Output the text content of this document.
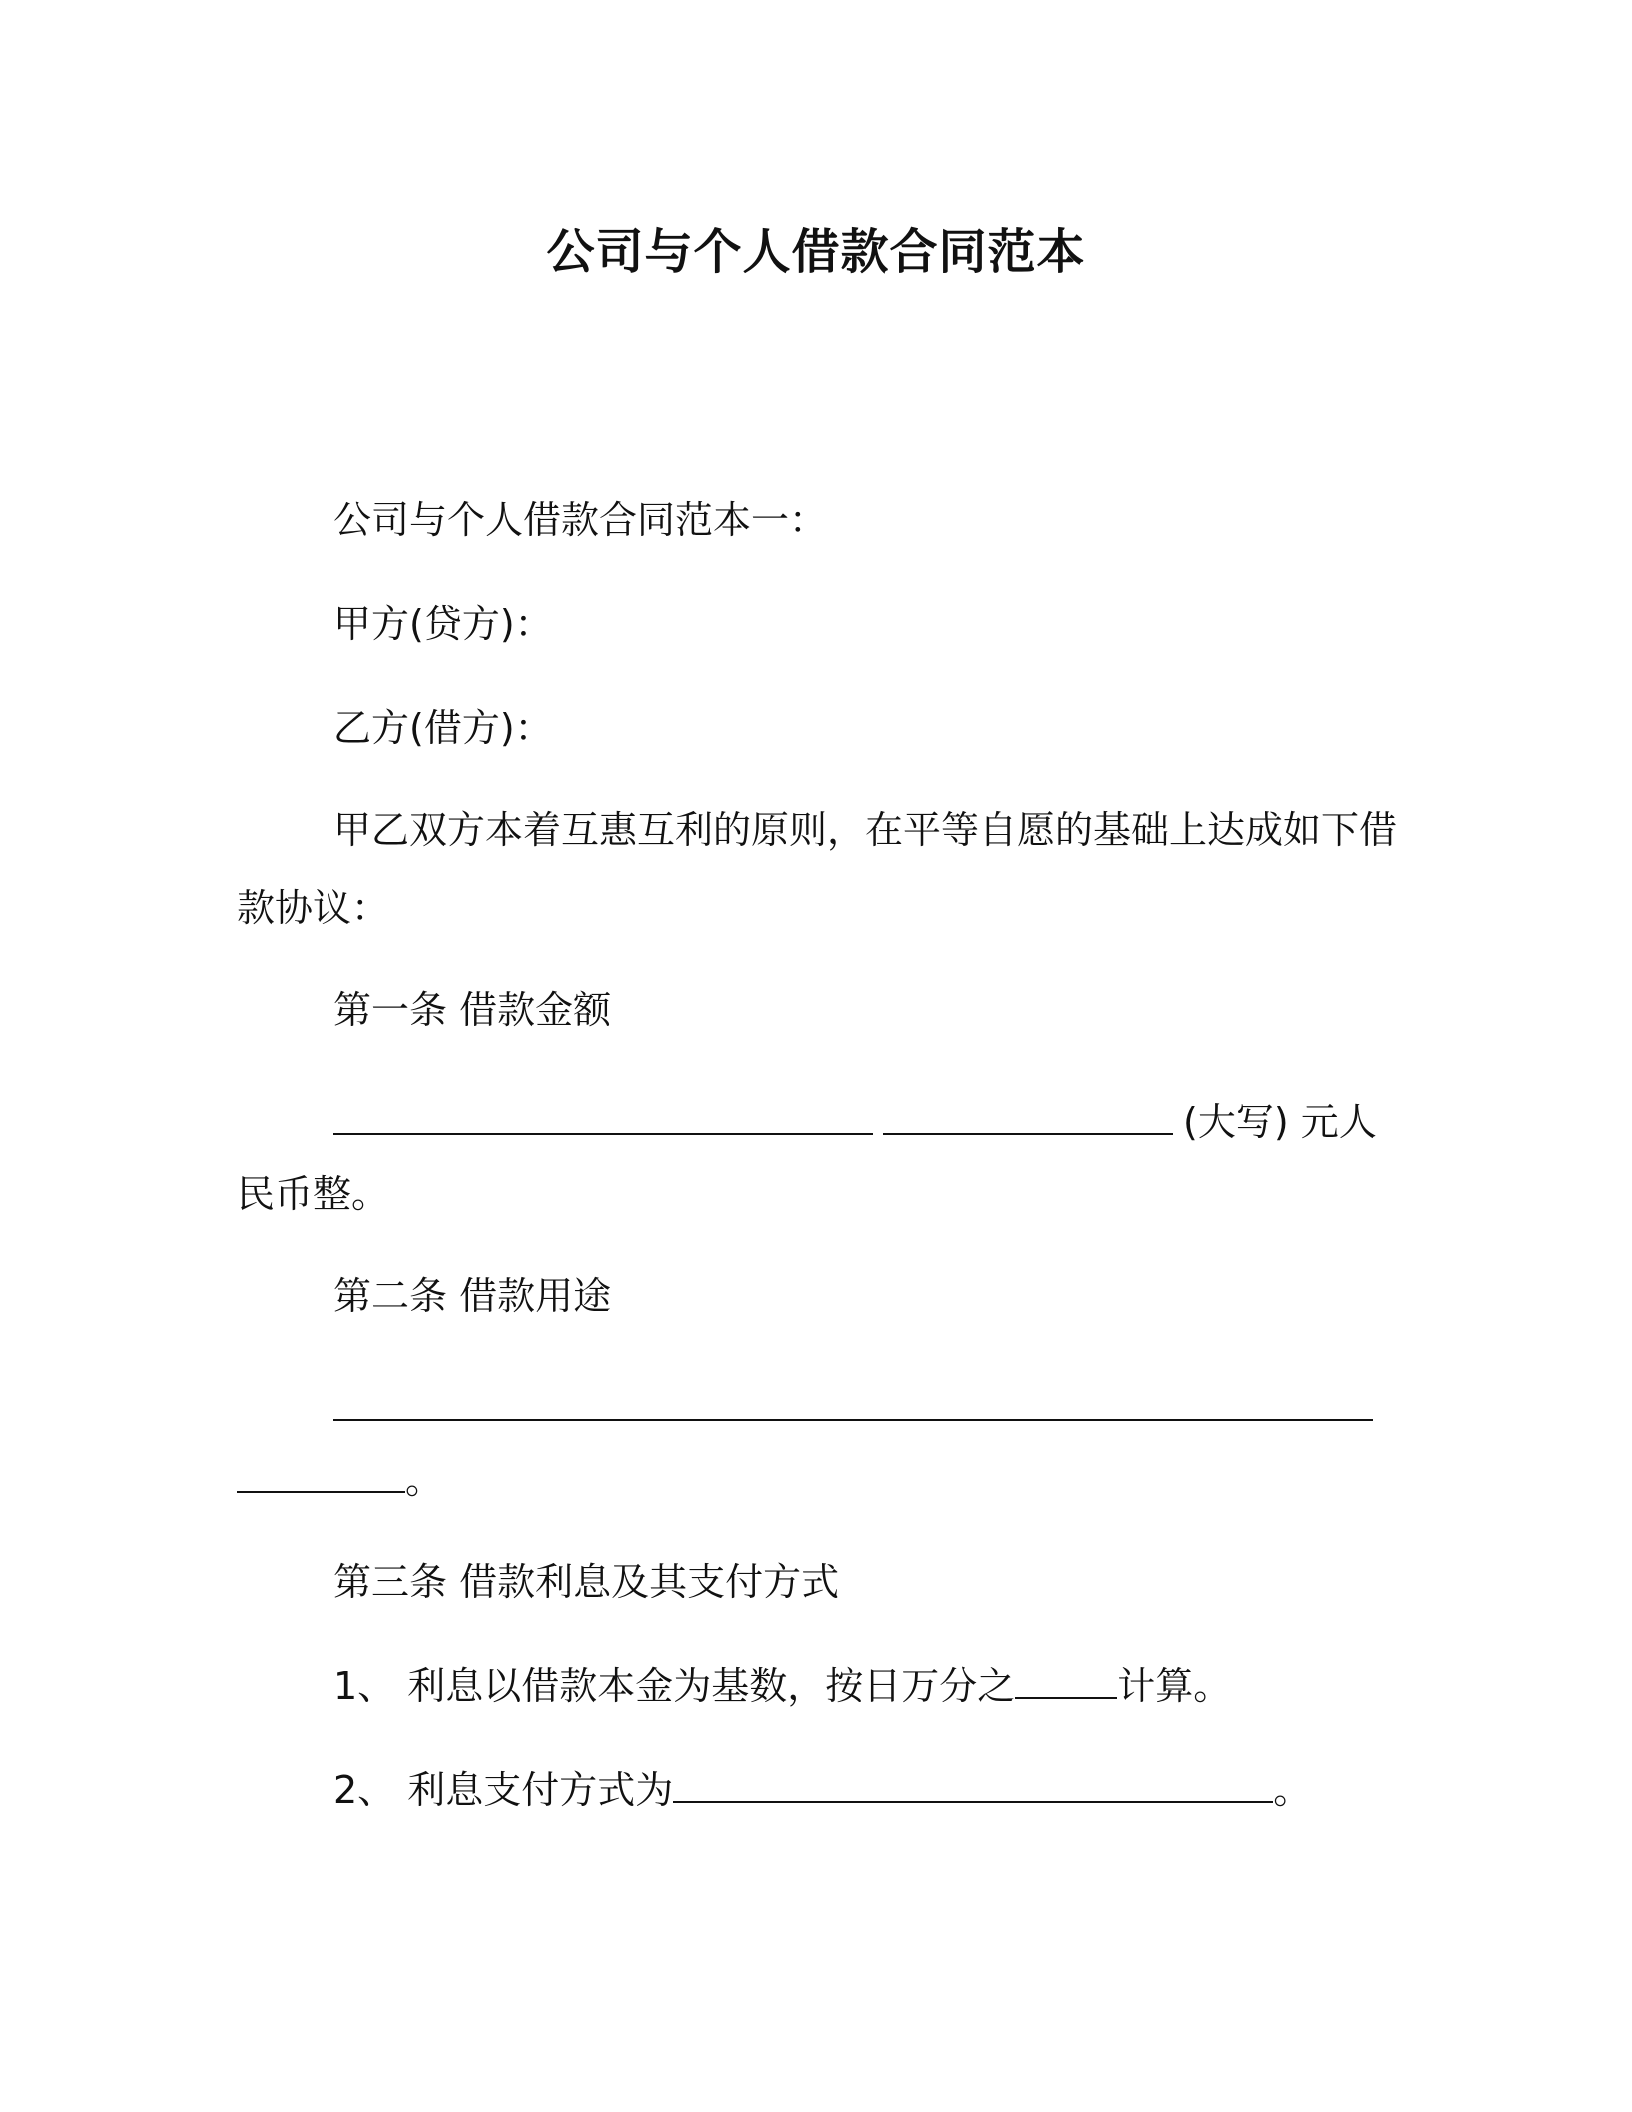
公司与个人借款合同范本
公司与个人借款合同范本一：
甲方(贷方)：
乙方(借方)：
甲乙双方本着互惠互利的原则，在平等自愿的基础上达成如下借
款协议：
第一条 借款金额
(大写) 元人
民币整。
第二条 借款用途
。
第三条 借款利息及其支付方式
1、 利息以借款本金为基数，按日万分之	计算。
2、 利息支付方式为	。
